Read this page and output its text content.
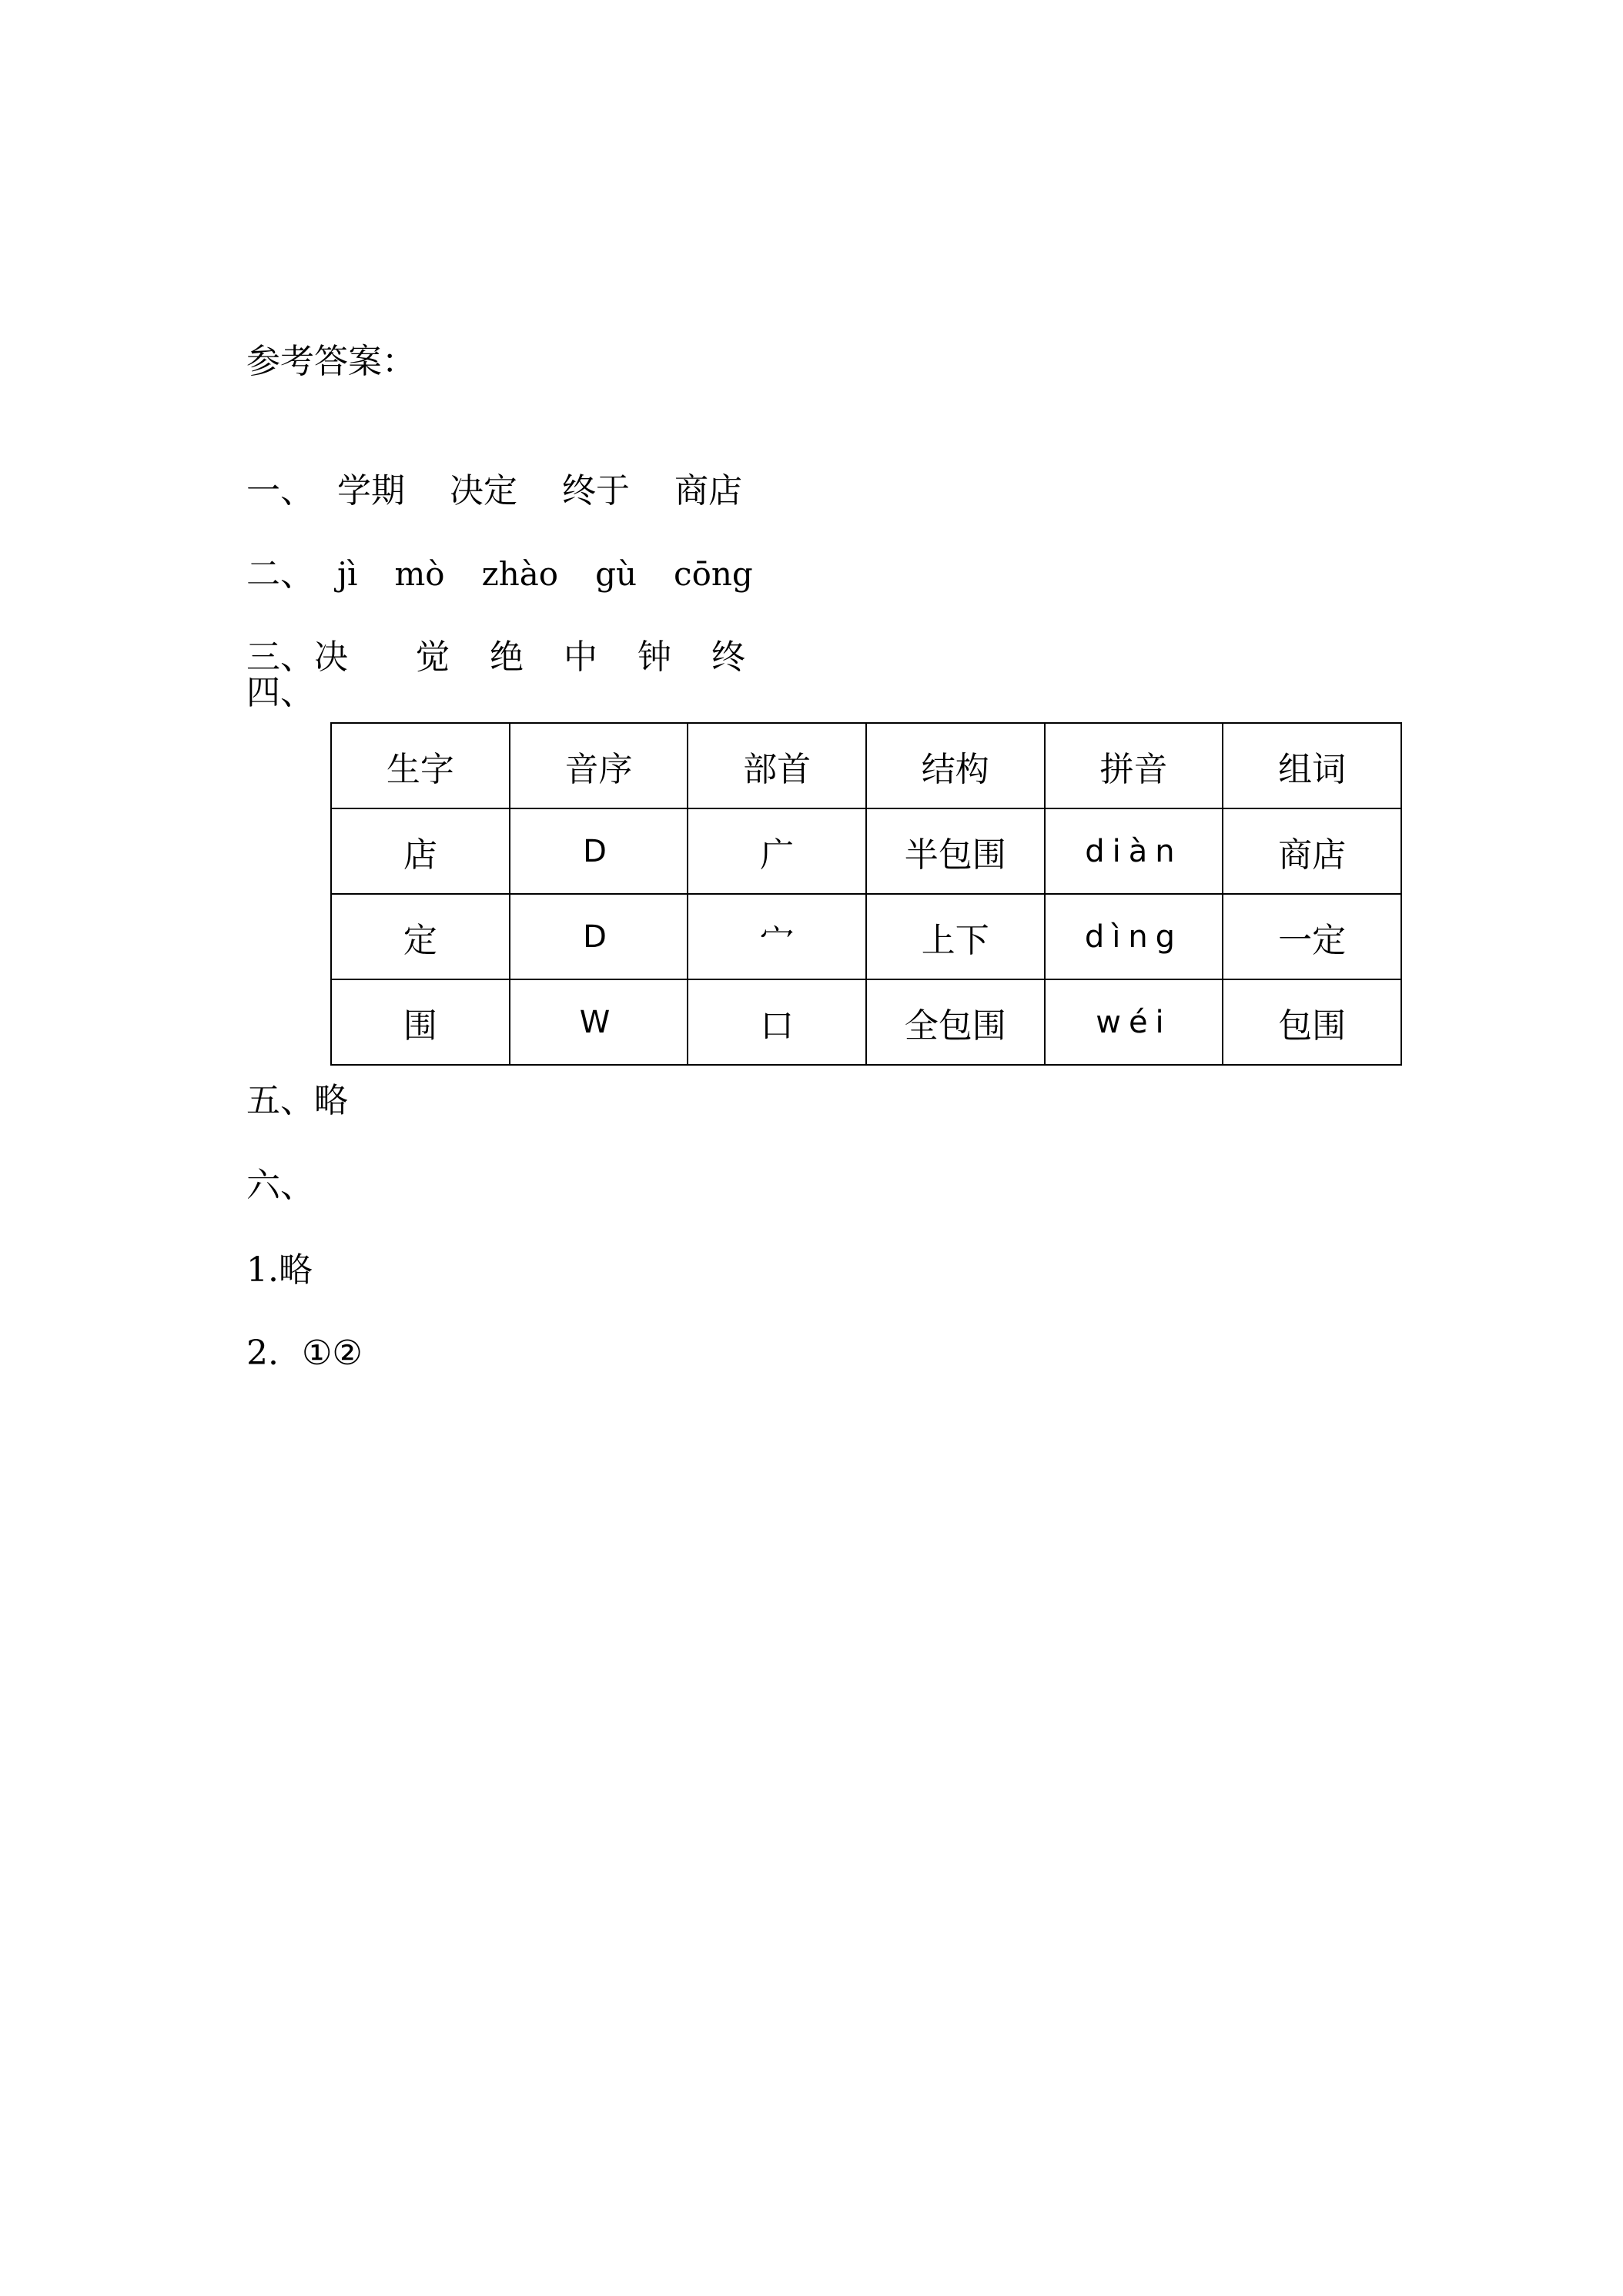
参考答案：

一、 学期 决定 终于 商店

二、 jì mò zhào gù cōng

三、决 觉 绝 中 钟 终

四、

生字	音序	部首	结构	拼音	组词
店	D	广	半包围	diàn	商店
定	D	宀	上下	dìng	一定
围	W	口	全包围	wéi	包围

五、略

六、

1.略

2. ①②
